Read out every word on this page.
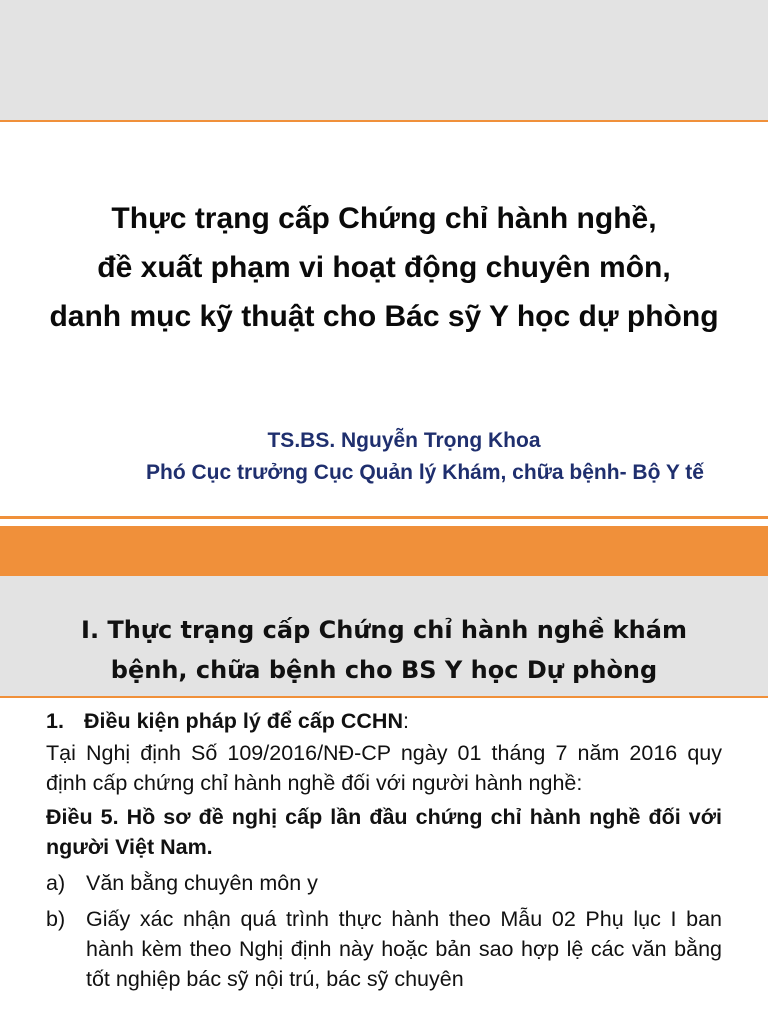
Thực trạng cấp Chứng chỉ hành nghề,
đề xuất phạm vi hoạt động chuyên môn,
danh mục kỹ thuật cho Bác sỹ Y học dự phòng
TS.BS. Nguyễn Trọng Khoa
Phó Cục trưởng Cục Quản lý Khám, chữa bệnh- Bộ Y tế
I. Thực trạng cấp Chứng chỉ hành nghề khám
bệnh, chữa bệnh cho BS Y học Dự phòng
1. Điều kiện pháp lý để cấp CCHN:
Tại Nghị định Số 109/2016/NĐ-CP ngày 01 tháng 7 năm 2016 quy định cấp chứng chỉ hành nghề đối với người hành nghề:
Điều 5. Hồ sơ đề nghị cấp lần đầu chứng chỉ hành nghề đối với người Việt Nam.
a) Văn bằng chuyên môn y
b) Giấy xác nhận quá trình thực hành theo Mẫu 02 Phụ lục I ban hành kèm theo Nghị định này hoặc bản sao hợp lệ các văn bằng tốt nghiệp bác sỹ nội trú, bác sỹ chuyên
